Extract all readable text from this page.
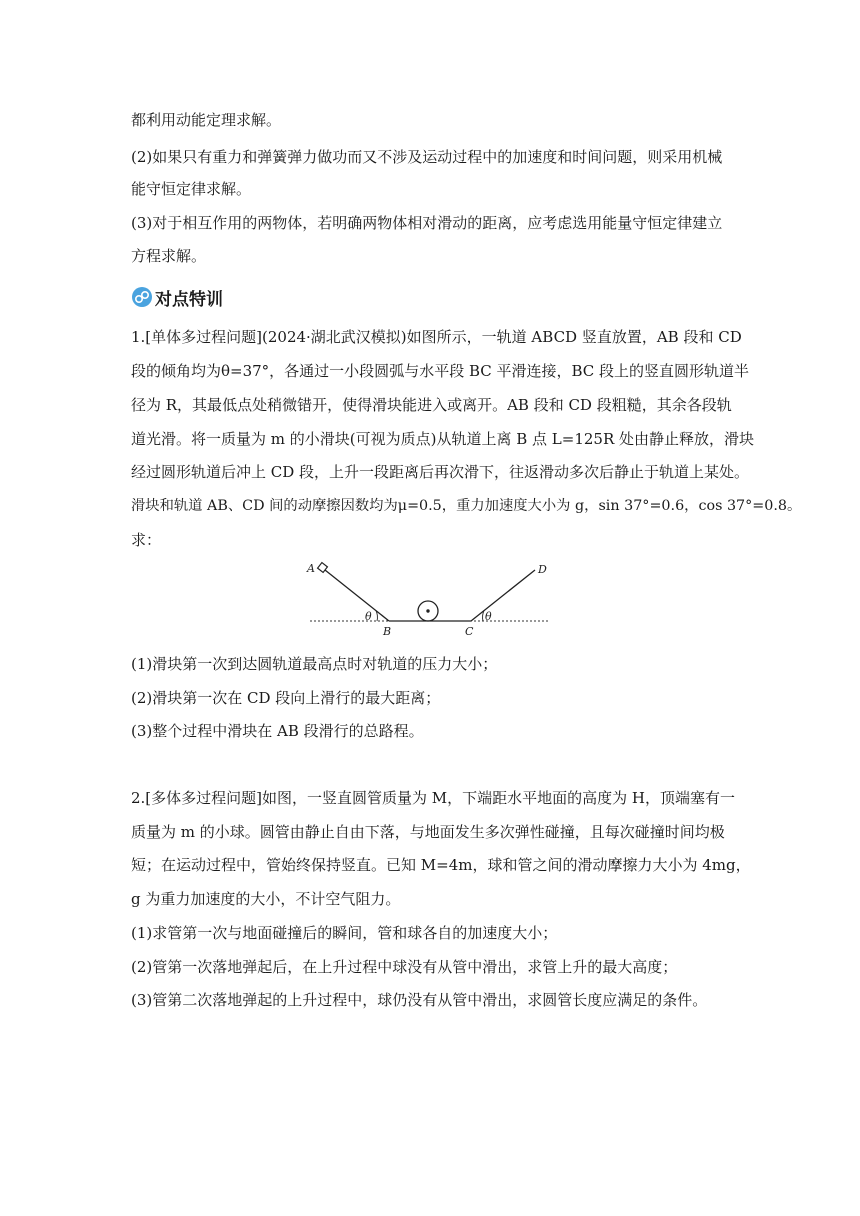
都利用动能定理求解。
(2)如果只有重力和弹簧弹力做功而又不涉及运动过程中的加速度和时间问题，则采用机械
能守恒定律求解。
(3)对于相互作用的两物体，若明确两物体相对滑动的距离，应考虑选用能量守恒定律建立
方程求解。
对点特训
1.[单体多过程问题](2024·湖北武汉模拟)如图所示，一轨道 ABCD 竖直放置，AB 段和 CD
段的倾角均为θ=37°，各通过一小段圆弧与水平段 BC 平滑连接，BC 段上的竖直圆形轨道半
径为 R，其最低点处稍微错开，使得滑块能进入或离开。AB 段和 CD 段粗糙，其余各段轨
道光滑。将一质量为 m 的小滑块(可视为质点)从轨道上离 B 点 L=125R 处由静止释放，滑块
经过圆形轨道后冲上 CD 段，上升一段距离后再次滑下，往返滑动多次后静止于轨道上某处。
滑块和轨道 AB、CD 间的动摩擦因数均为μ=0.5，重力加速度大小为 g，sin 37°=0.6，cos 37°=0.8。
求：
A
B	C
D
θ	θ
(1)滑块第一次到达圆轨道最高点时对轨道的压力大小；
(2)滑块第一次在 CD 段向上滑行的最大距离；
(3)整个过程中滑块在 AB 段滑行的总路程。
2.[多体多过程问题]如图，一竖直圆管质量为 M，下端距水平地面的高度为 H，顶端塞有一
质量为 m 的小球。圆管由静止自由下落，与地面发生多次弹性碰撞，且每次碰撞时间均极
短；在运动过程中，管始终保持竖直。已知 M=4m，球和管之间的滑动摩擦力大小为 4mg，
g 为重力加速度的大小，不计空气阻力。
(1)求管第一次与地面碰撞后的瞬间，管和球各自的加速度大小；
(2)管第一次落地弹起后，在上升过程中球没有从管中滑出，求管上升的最大高度；
(3)管第二次落地弹起的上升过程中，球仍没有从管中滑出，求圆管长度应满足的条件。
